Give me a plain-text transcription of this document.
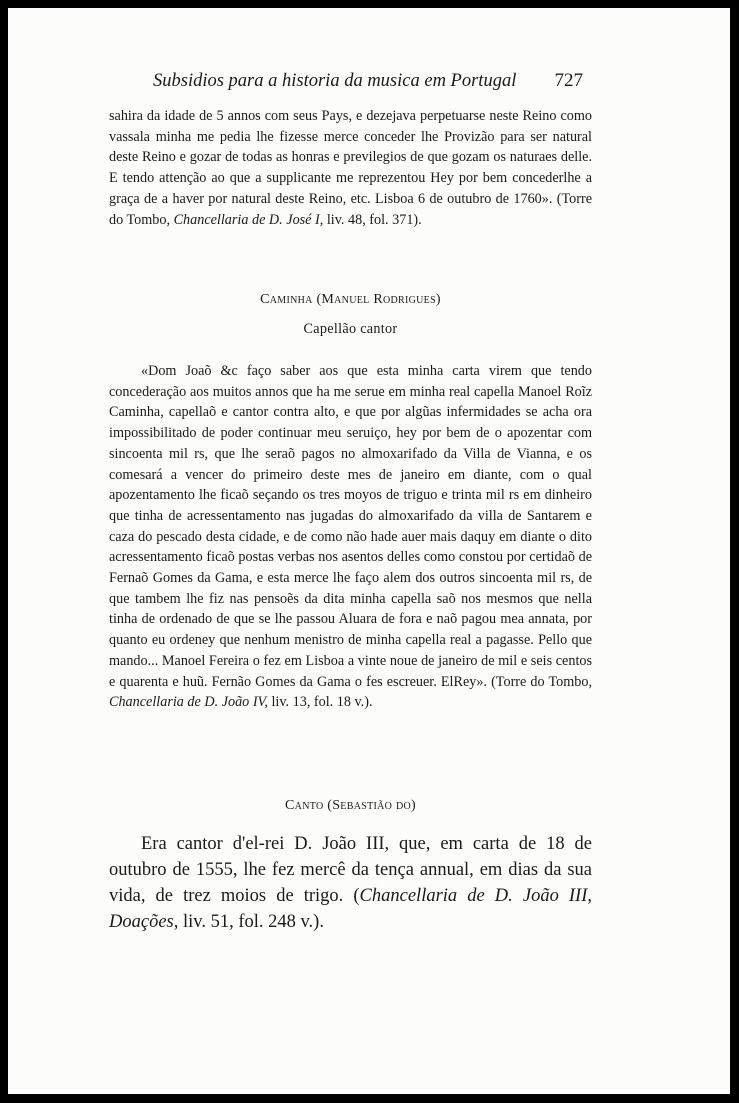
Subsidios para a historia da musica em Portugal 727

sahira da idade de 5 annos com seus Pays, e dezejava perpetuarse neste Reino como vassala minha me pedia lhe fizesse merce conceder lhe Provizão para ser natural deste Reino e gozar de todas as honras e previlegios de que gozam os naturaes delle. E tendo attenção ao que a supplicante me reprezentou Hey por bem concederlhe a graça de a haver por natural deste Reino, etc. Lisboa 6 de outubro de 1760». (Torre do Tombo, Chancellaria de D. José I, liv. 48, fol. 371).

Caminha (Manuel Rodrigues)
Capellão cantor

«Dom Joaõ &c faço saber aos que esta minha carta virem que tendo concederação aos muitos annos que ha me serue em minha real capella Manoel Roĩz Caminha, capellaõ e cantor contra alto, e que por algũas infermidades se acha ora impossibilitado de poder continuar meu seruiço, hey por bem de o apozentar com sincoenta mil rs, que lhe seraõ pagos no almoxarifado da Villa de Vianna, e os comesará a vencer do primeiro deste mes de janeiro em diante, com o qual apozentamento lhe ficaõ seçando os tres moyos de triguo e trinta mil rs em dinheiro que tinha de acressentamento nas jugadas do almoxarifado da villa de Santarem e caza do pescado desta cidade, e de como não hade auer mais daquy em diante o dito acressentamento ficaõ postas verbas nos asentos delles como constou por certidaõ de Fernaõ Gomes da Gama, e esta merce lhe faço alem dos outros sincoenta mil rs, de que tambem lhe fiz nas pensoẽs da dita minha capella saõ nos mesmos que nella tinha de ordenado de que se lhe passou Aluara de fora e naõ pagou mea annata, por quanto eu ordeney que nenhum menistro de minha capella real a pagasse. Pello que mando... Manoel Fereira o fez em Lisboa a vinte noue de janeiro de mil e seis centos e quarenta e huũ. Fernão Gomes da Gama o fes escreuer. ElRey». (Torre do Tombo, Chancellaria de D. João IV, liv. 13, fol. 18 v.).

Canto (Sebastião do)

Era cantor d'el-rei D. João III, que, em carta de 18 de outubro de 1555, lhe fez mercê da tença annual, em dias da sua vida, de trez moios de trigo. (Chancellaria de D. João III, Doações, liv. 51, fol. 248 v.).
